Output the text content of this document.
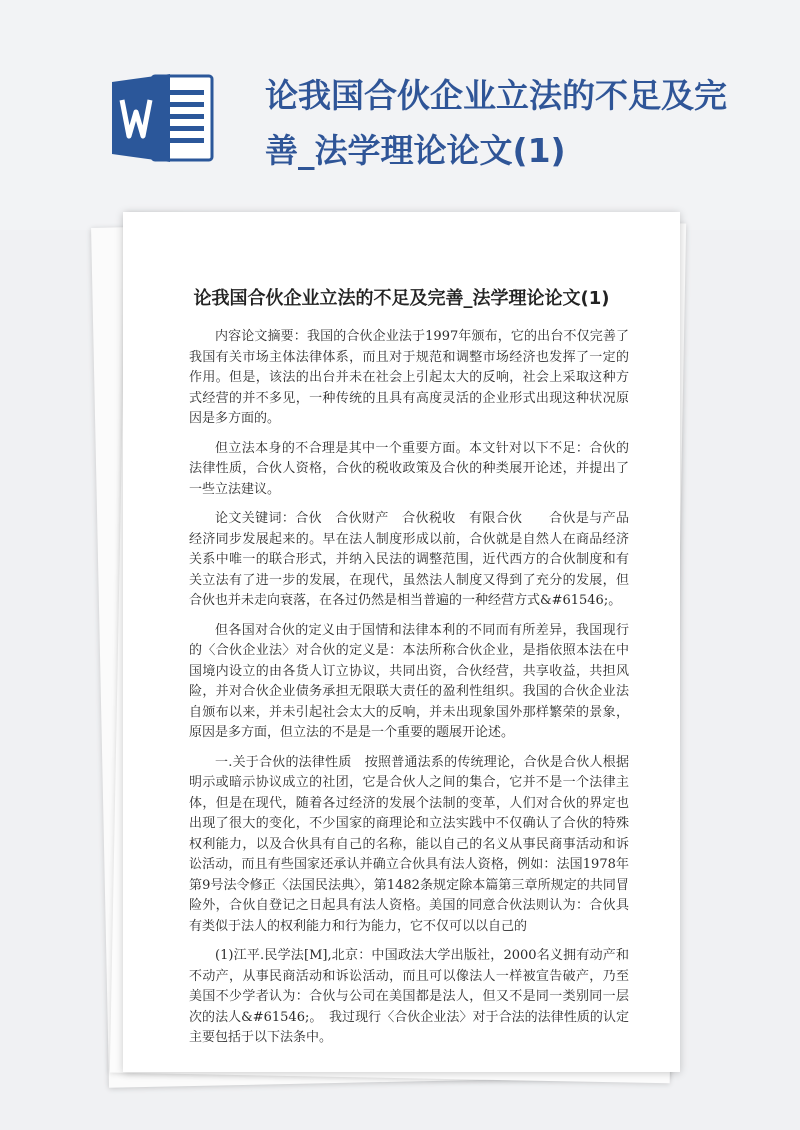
论我国合伙企业立法的不足及完善_法学理论论文(1)
论我国合伙企业立法的不足及完善_法学理论论文(1)

内容论文摘要：我国的合伙企业法于1997年颁布，它的出台不仅完善了我国有关市场主体法律体系，而且对于规范和调整市场经济也发挥了一定的作用。但是，该法的出台并未在社会上引起太大的反响，社会上采取这种方式经营的并不多见，一种传统的且具有高度灵活的企业形式出现这种状况原因是多方面的。

但立法本身的不合理是其中一个重要方面。本文针对以下不足：合伙的法律性质，合伙人资格，合伙的税收政策及合伙的种类展开论述，并提出了一些立法建议。

论文关键词：合伙　合伙财产　合伙税收　有限合伙　　合伙是与产品经济同步发展起来的。早在法人制度形成以前，合伙就是自然人在商品经济关系中唯一的联合形式，并纳入民法的调整范围，近代西方的合伙制度和有关立法有了进一步的发展，在现代，虽然法人制度又得到了充分的发展，但合伙也并未走向衰落，在各过仍然是相当普遍的一种经营方式&#61546;。

但各国对合伙的定义由于国情和法律本利的不同而有所差异，我国现行的〈合伙企业法〉对合伙的定义是：本法所称合伙企业，是指依照本法在中国境内设立的由各货人订立协议，共同出资，合伙经营，共享收益，共担风险，并对合伙企业债务承担无限联大责任的盈利性组织。我国的合伙企业法自颁布以来，并未引起社会太大的反响，并未出现象国外那样繁荣的景象，原因是多方面，但立法的不是是一个重要的题展开论述。

一.关于合伙的法律性质　按照普通法系的传统理论，合伙是合伙人根据明示或暗示协议成立的社团，它是合伙人之间的集合，它并不是一个法律主体，但是在现代，随着各过经济的发展个法制的变革，人们对合伙的界定也出现了很大的变化，不少国家的商理论和立法实践中不仅确认了合伙的特殊权利能力，以及合伙具有自己的名称，能以自己的名义从事民商事活动和诉讼活动，而且有些国家还承认并确立合伙具有法人资格，例如：法国1978年第9号法令修正〈法国民法典〉，第1482条规定除本篇第三章所规定的共同冒险外，合伙自登记之日起具有法人资格。美国的同意合伙法则认为：合伙具有类似于法人的权利能力和行为能力，它不仅可以以自己的

(1)江平.民学法[M],北京：中国政法大学出版社，2000名义拥有动产和不动产，从事民商活动和诉讼活动，而且可以像法人一样被宣告破产，乃至美国不少学者认为：合伙与公司在美国都是法人，但又不是同一类别同一层次的法人&#61546;。　我过现行〈合伙企业法〉对于合法的法律性质的认定主要包括于以下法条中。
